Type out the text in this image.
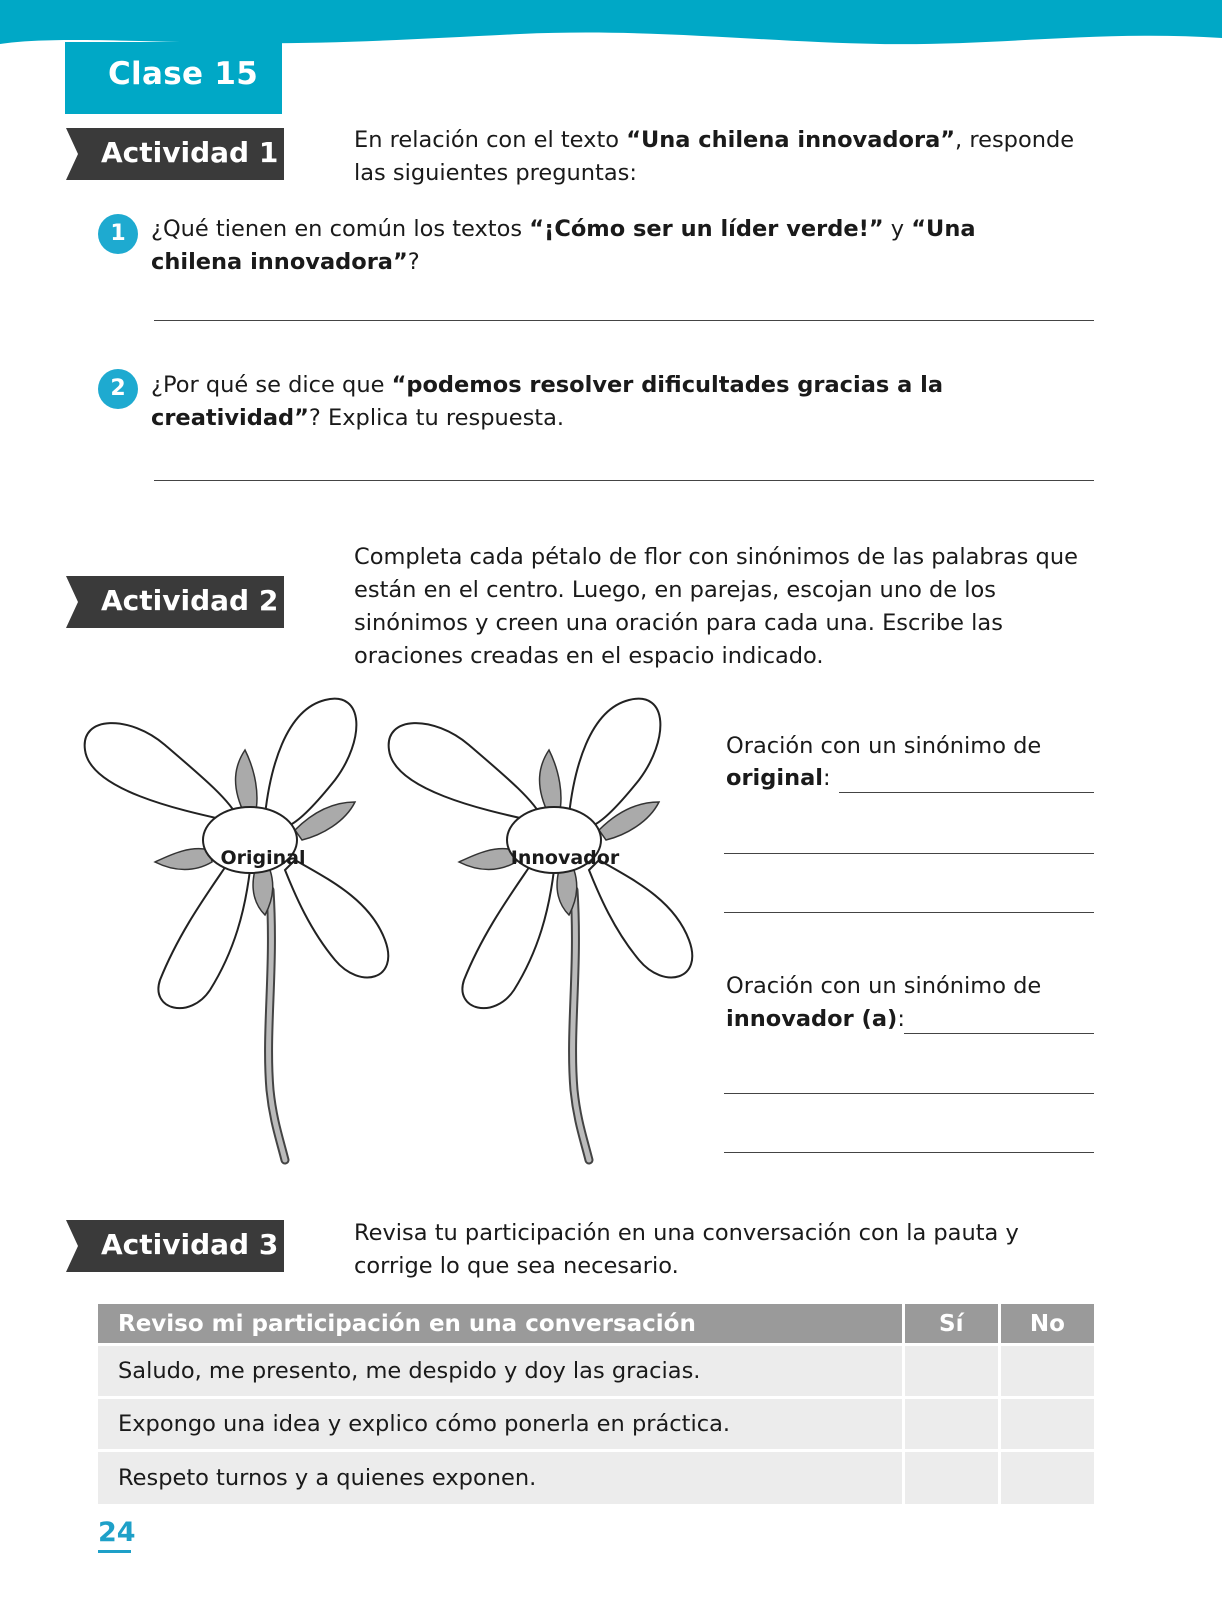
Clase 15
Actividad 1	En relación con el texto “Una chilena innovadora”, responde las siguientes preguntas:
1	¿Qué tienen en común los textos “¡Cómo ser un líder verde!” y “Una chilena innovadora”?
2	¿Por qué se dice que “podemos resolver dificultades gracias a la creatividad”? Explica tu respuesta.
Actividad 2
Completa cada pétalo de flor con sinónimos de las palabras que están en el centro. Luego, en parejas, escojan uno de los sinónimos y creen una oración para cada una. Escribe las oraciones creadas en el espacio indicado.
Original	Innovador
Oración con un sinónimo de
original:
Oración con un sinónimo de
innovador (a):
Actividad 3	Revisa tu participación en una conversación con la pauta y corrige lo que sea necesario.
Reviso mi participación en una conversación	Sí	No
Saludo, me presento, me despido y doy las gracias.		
Expongo una idea y explico cómo ponerla en práctica.		
Respeto turnos y a quienes exponen.		
24
